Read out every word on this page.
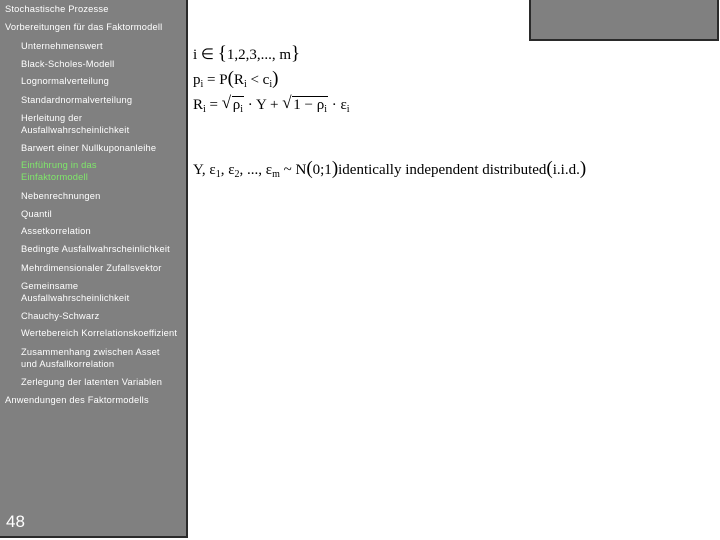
Stochastische Prozesse
Vorbereitungen für das Faktormodell
Unternehmenswert
Black-Scholes-Modell
Lognormalverteilung
Standardnormalverteilung
Herleitung der Ausfallwahrscheinlichkeit
Barwert einer Nullkuponanleihe
Einführung in das Einfaktormodell
Nebenrechnungen
Quantil
Assetkorrelation
Bedingte Ausfallwahrscheinlichkeit
Mehrdimensionaler Zufallsvektor
Gemeinsame Ausfallwahrscheinlichkeit
Chauchy-Schwarz
Wertebereich Korrelationskoeffizient
Zusammenhang zwischen Asset und Ausfallkorrelation
Zerlegung der latenten Variablen
Anwendungen des Faktormodells
48
i ∈ {1,2,3,..., m}
$p_i = P(R_i < c_i)$
$R_i$ = √ $\rho_i \cdot Y$ + √ $1 - \rho_i \cdot \varepsilon_i$
Y, $\varepsilon_1$, $\varepsilon_2$, ..., $\varepsilon_m$ ~ N(0;1)identically independent distributed(i.i.d.)
